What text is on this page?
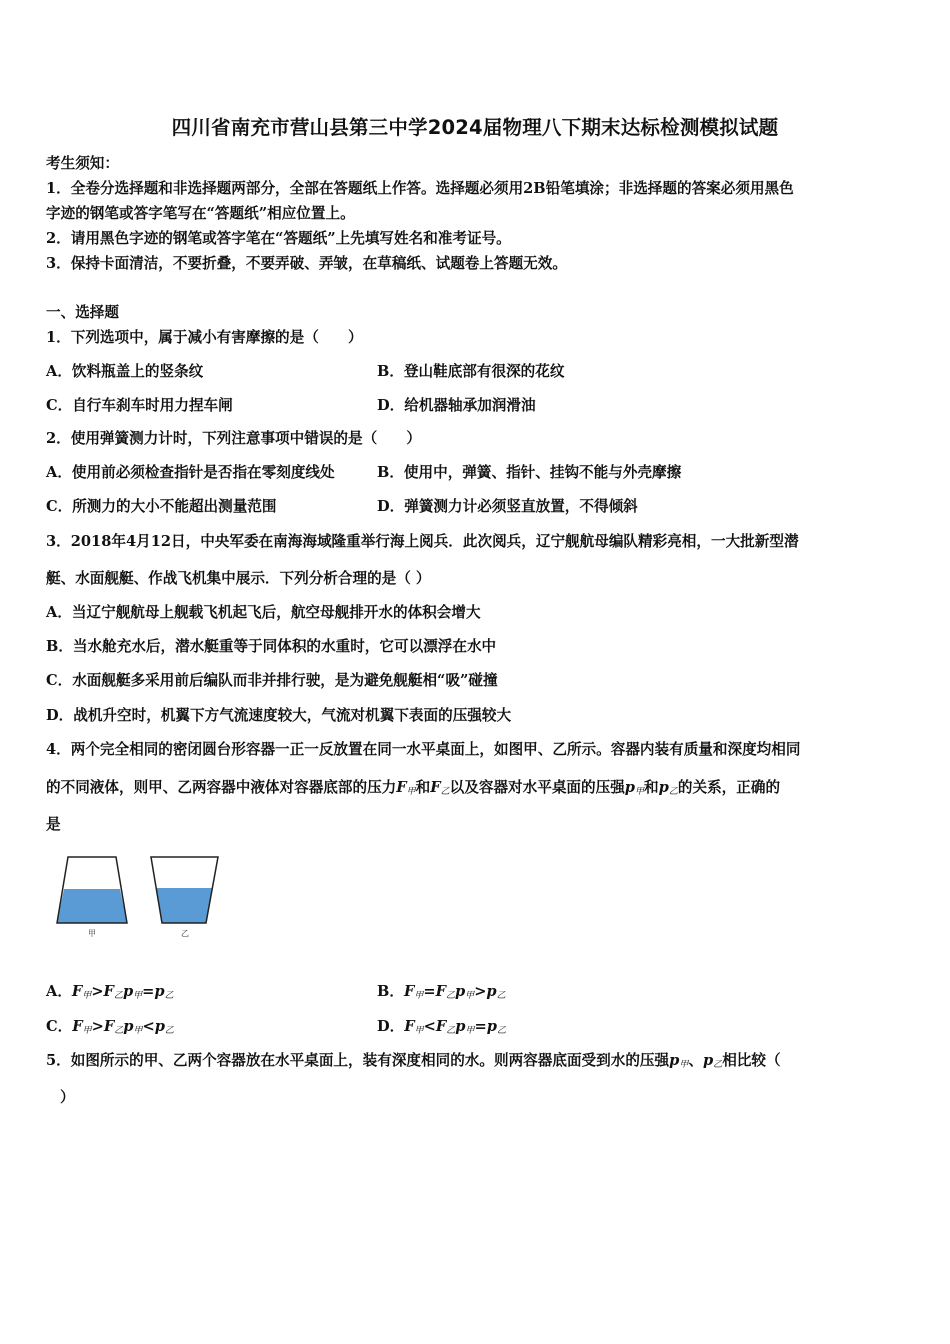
四川省南充市营山县第三中学2024届物理八下期末达标检测模拟试题
考生须知：
1．全卷分选择题和非选择题两部分，全部在答题纸上作答。选择题必须用2B铅笔填涂；非选择题的答案必须用黑色
字迹的钢笔或答字笔写在“答题纸”相应位置上。
2．请用黑色字迹的钢笔或答字笔在“答题纸”上先填写姓名和准考证号。
3．保持卡面清洁，不要折叠，不要弄破、弄皱，在草稿纸、试题卷上答题无效。
一、选择题
1．下列选项中，属于减小有害摩擦的是（　　）
A．饮料瓶盖上的竖条纹	B．登山鞋底部有很深的花纹
C．自行车刹车时用力捏车闸	D．给机器轴承加润滑油
2．使用弹簧测力计时，下列注意事项中错误的是（　　）
A．使用前必须检查指针是否指在零刻度线处	B．使用中，弹簧、指针、挂钩不能与外壳摩擦
C．所测力的大小不能超出测量范围	D．弹簧测力计必须竖直放置，不得倾斜
3．2018年4月12日，中央军委在南海海域隆重举行海上阅兵．此次阅兵，辽宁舰航母编队精彩亮相，一大批新型潜
艇、水面舰艇、作战飞机集中展示．下列分析合理的是（ ）
A．当辽宁舰航母上舰载飞机起飞后，航空母舰排开水的体积会增大
B．当水舱充水后，潜水艇重等于同体积的水重时，它可以漂浮在水中
C．水面舰艇多采用前后编队而非并排行驶，是为避免舰艇相“吸”碰撞
D．战机升空时，机翼下方气流速度较大，气流对机翼下表面的压强较大
4．两个完全相同的密闭圆台形容器一正一反放置在同一水平桌面上，如图甲、乙所示。容器内装有质量和深度均相同
的不同液体，则甲、乙两容器中液体对容器底部的压力$F_甲$和$F_乙$以及容器对水平桌面的压强$p_甲$和$p_乙$的关系，正确的
是
甲	乙
A．$F_甲>F_乙p_甲=p_乙$	B．$F_甲=F_乙p_甲>p_乙$
C．$F_甲>F_乙p_甲<p_乙$	D．$F_甲<F_乙p_甲=p_乙$
5．如图所示的甲、乙两个容器放在水平桌面上，装有深度相同的水。则两容器底面受到水的压强$p_甲$、$p_乙$相比较（
）
